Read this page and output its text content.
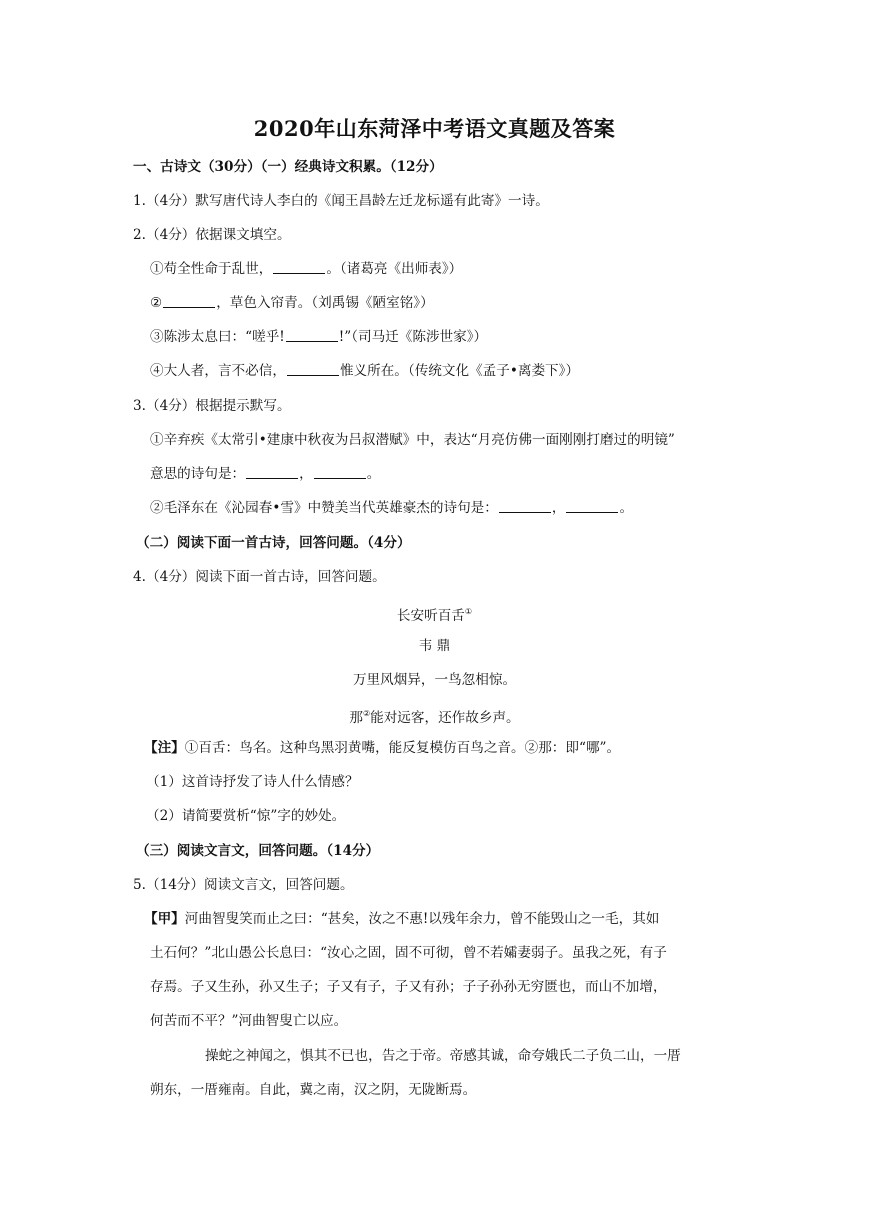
2020年山东菏泽中考语文真题及答案
一、古诗文（30分）（一）经典诗文积累。（12分）
1.（4分）默写唐代诗人李白的《闻王昌龄左迁龙标遥有此寄》一诗。
2.（4分）依据课文填空。
①苟全性命于乱世，	。（诸葛亮《出师表》）
②	，草色入帘青。（刘禹锡《陋室铭》）
③陈涉太息曰：“嗟乎!	!”（司马迁《陈涉世家》）
④大人者，言不必信，	惟义所在。（传统文化《孟子•离娄下》）
3.（4分）根据提示默写。
①辛弃疾《太常引•建康中秋夜为吕叔潜赋》中，表达“月亮仿佛一面刚刚打磨过的明镜”
意思的诗句是：	，	。
②毛泽东在《沁园春•雪》中赞美当代英雄豪杰的诗句是：	，	。
（二）阅读下面一首古诗，回答问题。（4分）
4.（4分）阅读下面一首古诗，回答问题。
长安听百舌①
韦 鼎
万里风烟异，一鸟忽相惊。
那②能对远客，还作故乡声。
【注】①百舌：鸟名。这种鸟黑羽黄嘴，能反复模仿百鸟之音。②那：即“哪”。
（1）这首诗抒发了诗人什么情感？
（2）请简要赏析“惊”字的妙处。
（三）阅读文言文，回答问题。（14分）
5.（14分）阅读文言文，回答问题。
【甲】河曲智叟笑而止之曰：“甚矣，汝之不惠!以残年余力，曾不能毁山之一毛，其如
土石何？”北山愚公长息曰：“汝心之固，固不可彻，曾不若孀妻弱子。虽我之死，有子
存焉。子又生孙，孙又生子；子又有子，子又有孙；子子孙孙无穷匮也，而山不加增，
何苦而不平？”河曲智叟亡以应。
操蛇之神闻之，惧其不已也，告之于帝。帝感其诚，命夸娥氏二子负二山，一厝
朔东，一厝雍南。自此，冀之南，汉之阴，无陇断焉。
